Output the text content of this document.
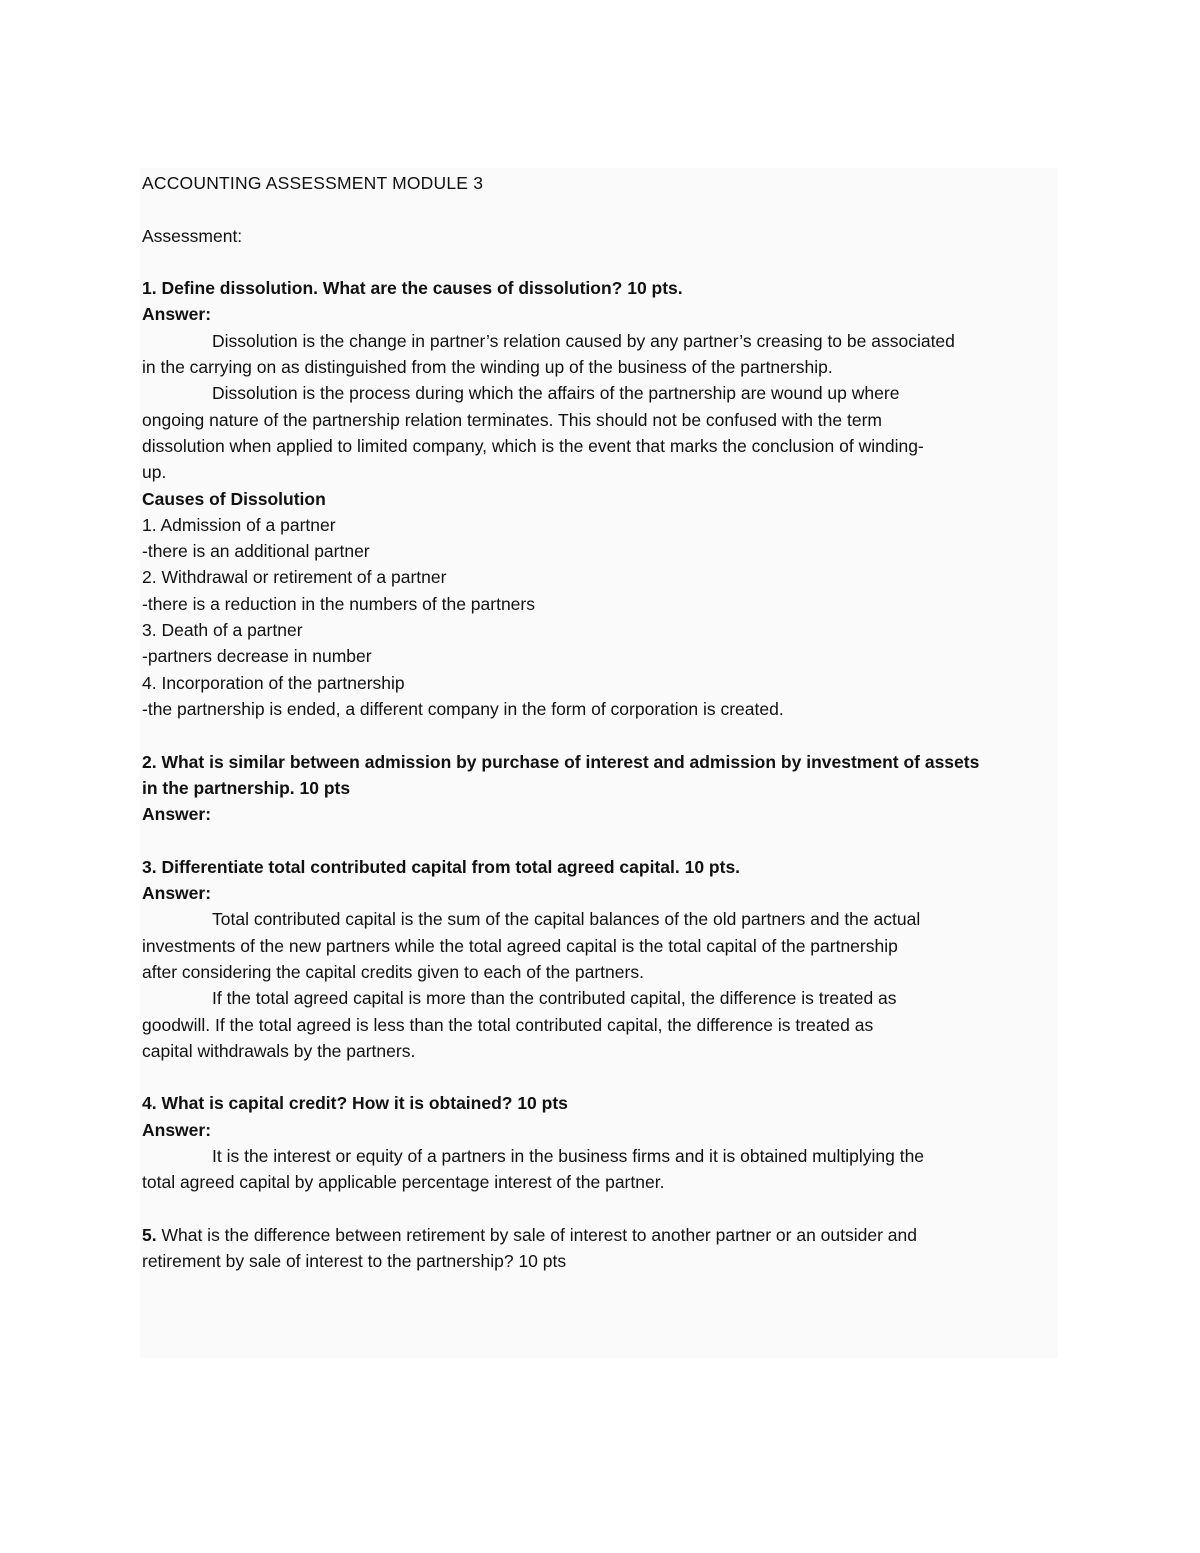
ACCOUNTING ASSESSMENT MODULE 3
Assessment:
1. Define dissolution. What are the causes of dissolution? 10 pts.
Answer:
Dissolution is the change in partner’s relation caused by any partner’s creasing to be associated
in the carrying on as distinguished from the winding up of the business of the partnership.
Dissolution is the process during which the affairs of the partnership are wound up where
ongoing nature of the partnership relation terminates. This should not be confused with the term
dissolution when applied to limited company, which is the event that marks the conclusion of winding-
up.
Causes of Dissolution
1. Admission of a partner
-there is an additional partner
2. Withdrawal or retirement of a partner
-there is a reduction in the numbers of the partners
3. Death of a partner
-partners decrease in number
4. Incorporation of the partnership
-the partnership is ended, a different company in the form of corporation is created.
2. What is similar between admission by purchase of interest and admission by investment of assets
in the partnership. 10 pts
Answer:
3. Differentiate total contributed capital from total agreed capital. 10 pts.
Answer:
Total contributed capital is the sum of the capital balances of the old partners and the actual
investments of the new partners while the total agreed capital is the total capital of the partnership
after considering the capital credits given to each of the partners.
If the total agreed capital is more than the contributed capital, the difference is treated as
goodwill. If the total agreed is less than the total contributed capital, the difference is treated as
capital withdrawals by the partners.
4. What is capital credit? How it is obtained? 10 pts
Answer:
It is the interest or equity of a partners in the business firms and it is obtained multiplying the
total agreed capital by applicable percentage interest of the partner.
5. What is the difference between retirement by sale of interest to another partner or an outsider and
retirement by sale of interest to the partnership? 10 pts
